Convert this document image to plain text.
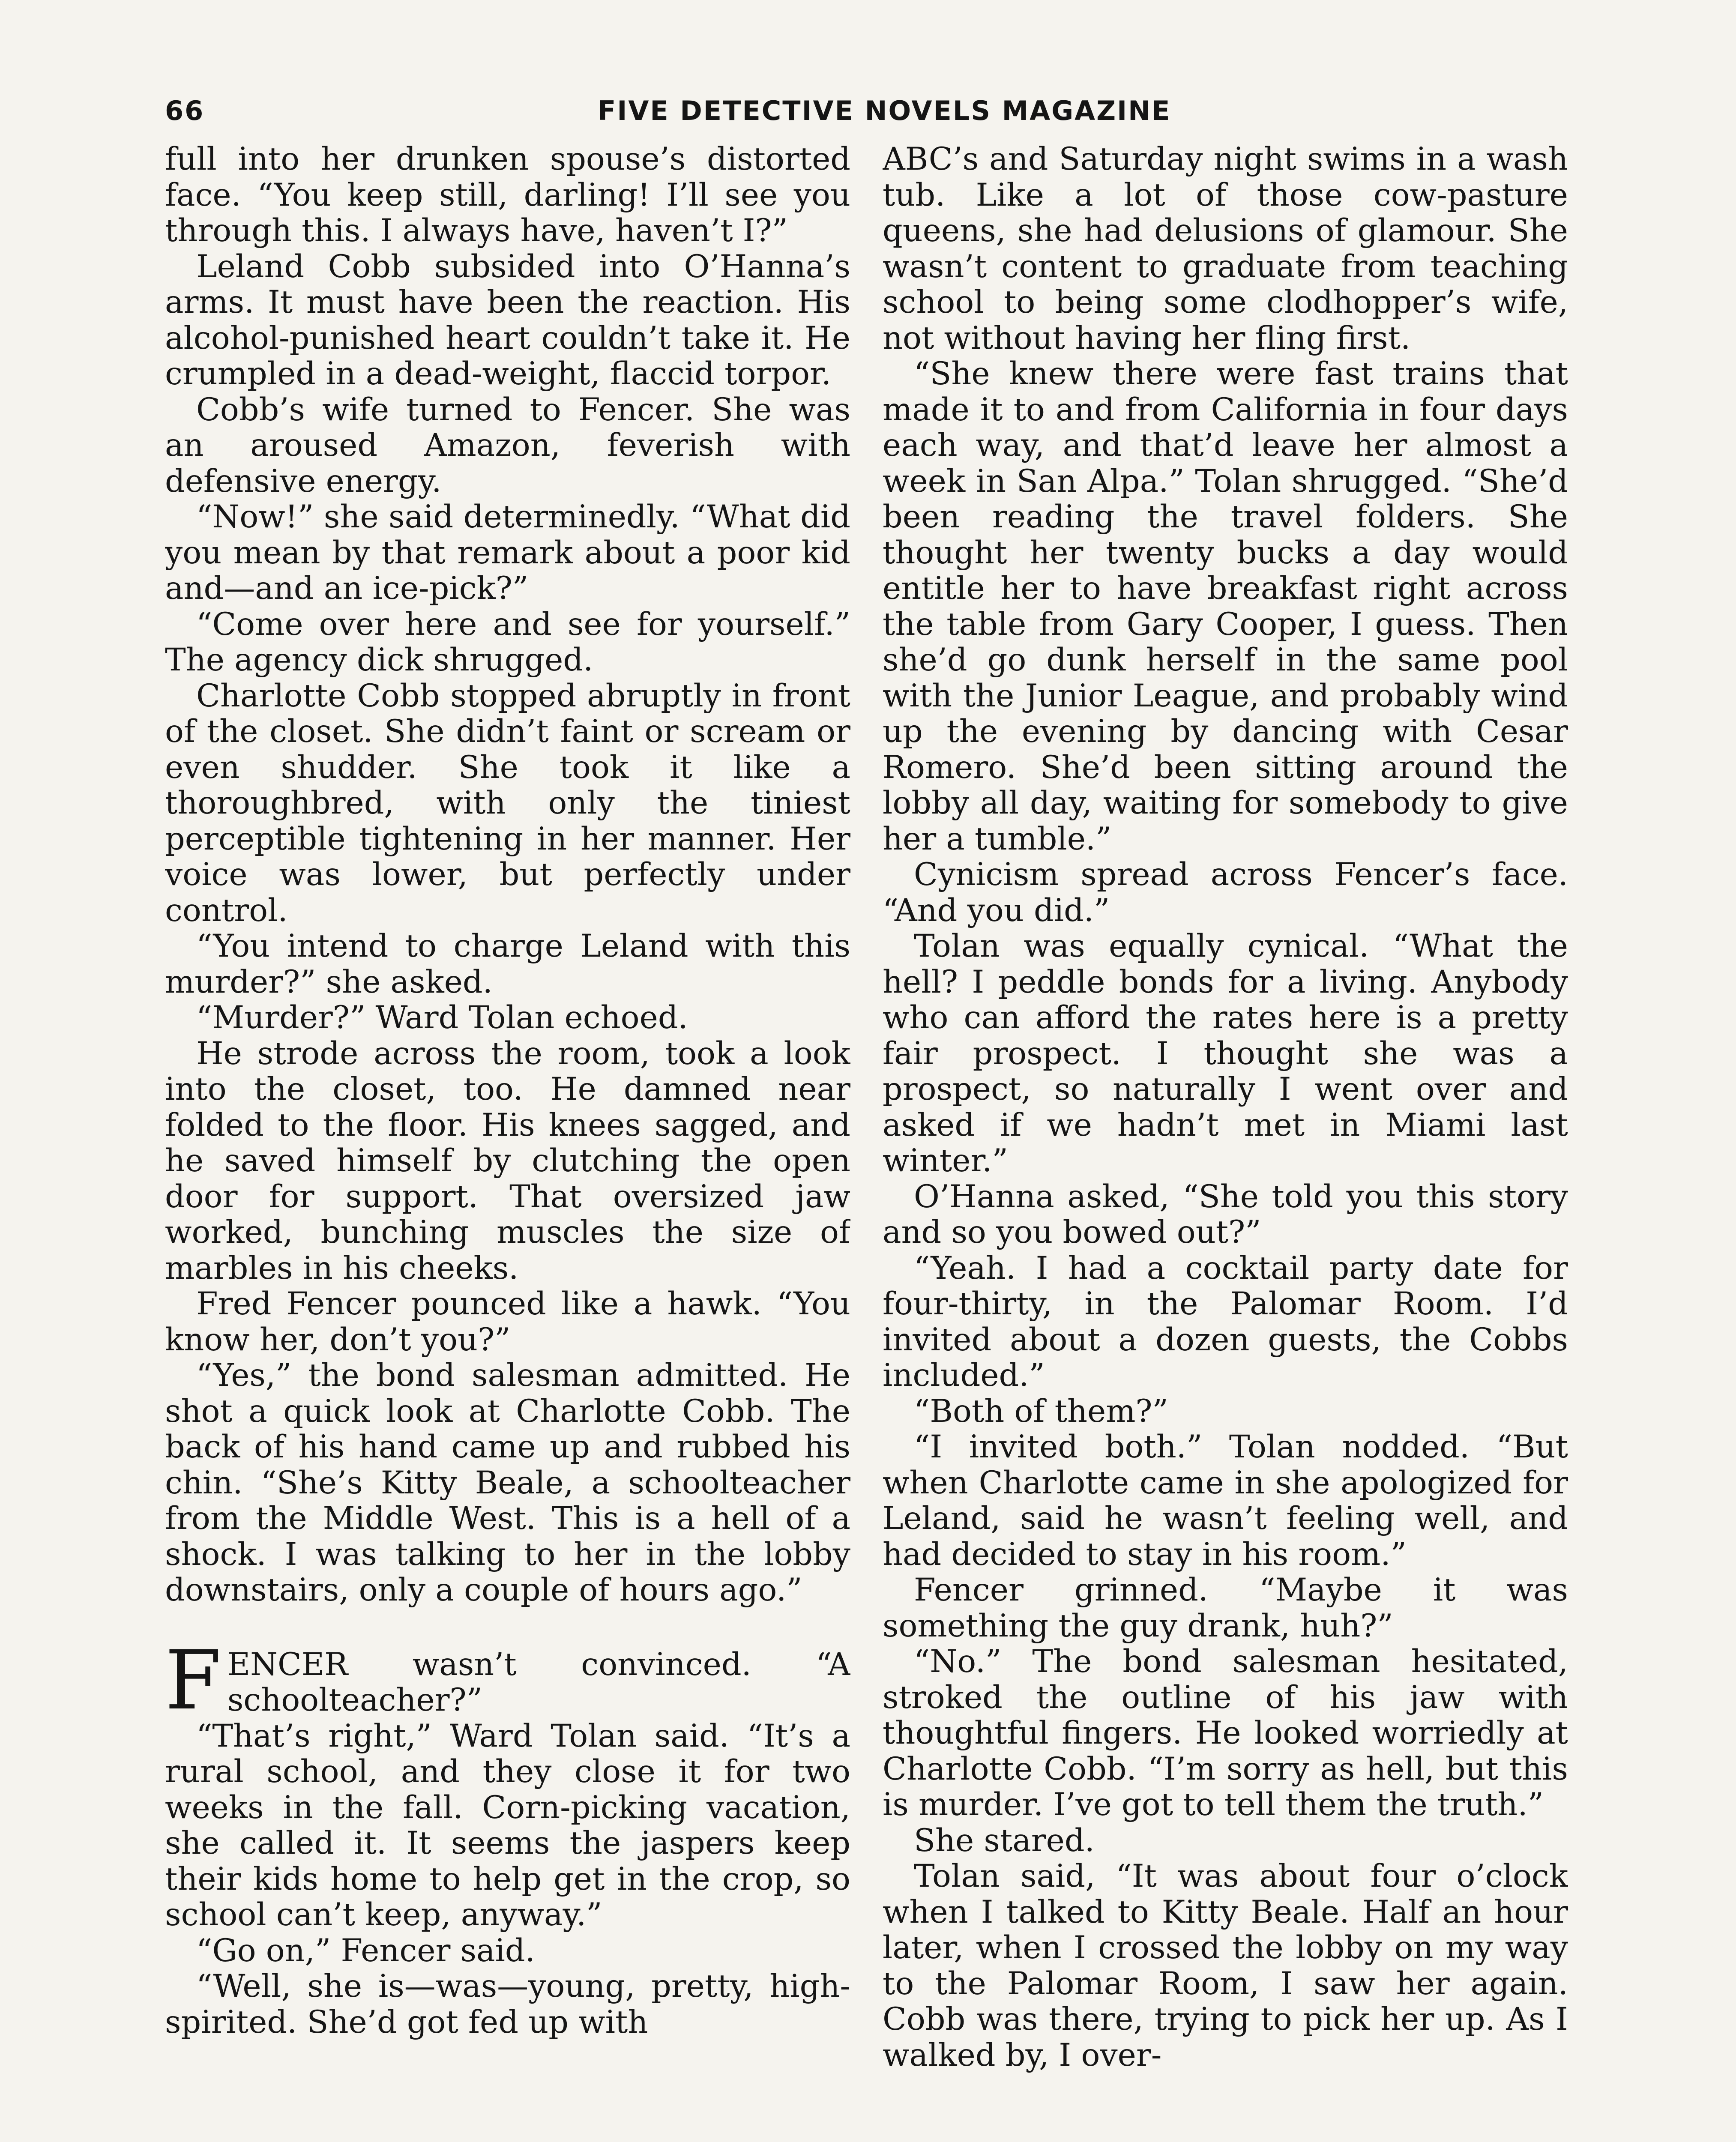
66	FIVE DETECTIVE NOVELS MAGAZINE

full into her drunken spouse’s distorted face. “You keep still, darling! I’ll see you through this. I always have, haven’t I?”

Leland Cobb subsided into O’Hanna’s arms. It must have been the reaction. His alcohol-punished heart couldn’t take it. He crumpled in a dead-weight, flaccid torpor.

Cobb’s wife turned to Fencer. She was an aroused Amazon, feverish with defensive energy.

“Now!” she said determinedly. “What did you mean by that remark about a poor kid and—and an ice-pick?”

“Come over here and see for yourself.” The agency dick shrugged.

Charlotte Cobb stopped abruptly in front of the closet. She didn’t faint or scream or even shudder. She took it like a thoroughbred, with only the tiniest perceptible tightening in her manner. Her voice was lower, but perfectly under control.

“You intend to charge Leland with this murder?” she asked.

“Murder?” Ward Tolan echoed.

He strode across the room, took a look into the closet, too. He damned near folded to the floor. His knees sagged, and he saved himself by clutching the open door for support. That oversized jaw worked, bunching muscles the size of marbles in his cheeks.

Fred Fencer pounced like a hawk. “You know her, don’t you?”

“Yes,” the bond salesman admitted. He shot a quick look at Charlotte Cobb. The back of his hand came up and rubbed his chin. “She’s Kitty Beale, a schoolteacher from the Middle West. This is a hell of a shock. I was talking to her in the lobby downstairs, only a couple of hours ago.”

FENCER wasn’t convinced. “A schoolteacher?”

“That’s right,” Ward Tolan said. “It’s a rural school, and they close it for two weeks in the fall. Corn-picking vacation, she called it. It seems the jaspers keep their kids home to help get in the crop, so school can’t keep, anyway.”

“Go on,” Fencer said.

“Well, she is—was—young, pretty, high-spirited. She’d got fed up with

ABC’s and Saturday night swims in a wash tub. Like a lot of those cow-pasture queens, she had delusions of glamour. She wasn’t content to graduate from teaching school to being some clodhopper’s wife, not without having her fling first.

“She knew there were fast trains that made it to and from California in four days each way, and that’d leave her almost a week in San Alpa.” Tolan shrugged. “She’d been reading the travel folders. She thought her twenty bucks a day would entitle her to have breakfast right across the table from Gary Cooper, I guess. Then she’d go dunk herself in the same pool with the Junior League, and probably wind up the evening by dancing with Cesar Romero. She’d been sitting around the lobby all day, waiting for somebody to give her a tumble.”

Cynicism spread across Fencer’s face. “And you did.”

Tolan was equally cynical. “What the hell? I peddle bonds for a living. Anybody who can afford the rates here is a pretty fair prospect. I thought she was a prospect, so naturally I went over and asked if we hadn’t met in Miami last winter.”

O’Hanna asked, “She told you this story and so you bowed out?”

“Yeah. I had a cocktail party date for four-thirty, in the Palomar Room. I’d invited about a dozen guests, the Cobbs included.”

“Both of them?”

“I invited both.” Tolan nodded. “But when Charlotte came in she apologized for Leland, said he wasn’t feeling well, and had decided to stay in his room.”

Fencer grinned. “Maybe it was something the guy drank, huh?”

“No.” The bond salesman hesitated, stroked the outline of his jaw with thoughtful fingers. He looked worriedly at Charlotte Cobb. “I’m sorry as hell, but this is murder. I’ve got to tell them the truth.”

She stared.

Tolan said, “It was about four o’clock when I talked to Kitty Beale. Half an hour later, when I crossed the lobby on my way to the Palomar Room, I saw her again. Cobb was there, trying to pick her up. As I walked by, I over-
